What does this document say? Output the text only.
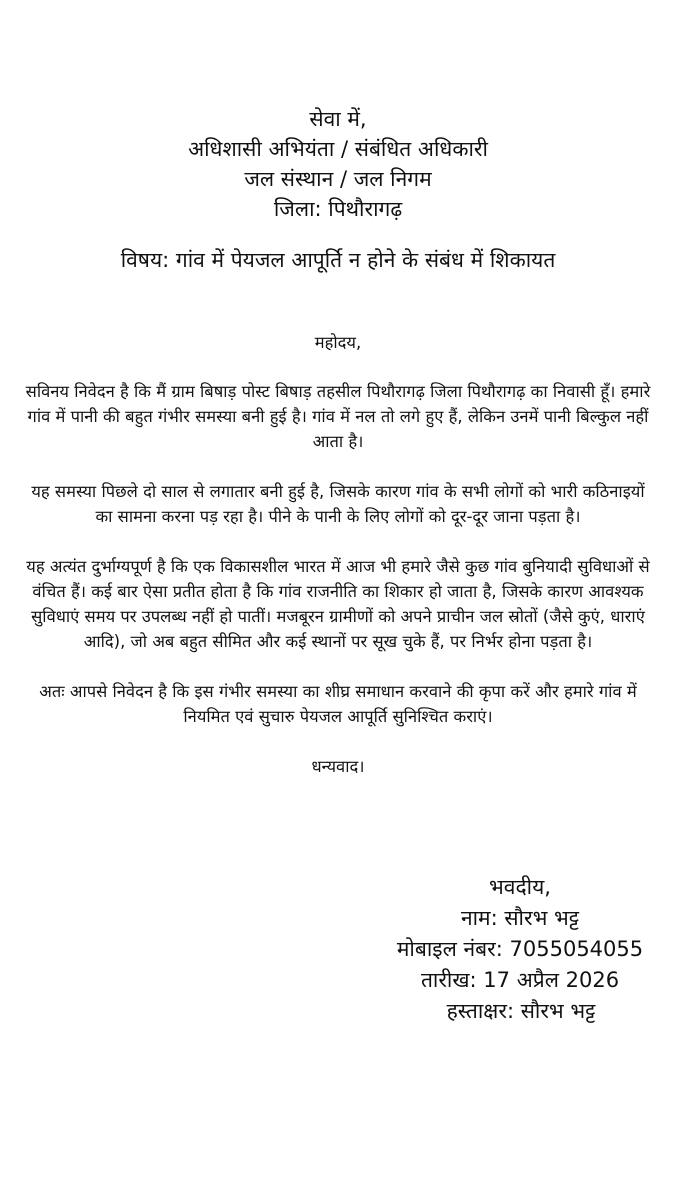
सेवा में,
अधिशासी अभियंता / संबंधित अधिकारी
जल संस्थान / जल निगम
जिला: पिथौरागढ़
विषय: गांव में पेयजल आपूर्ति न होने के संबंध में शिकायत

महोदय,

सविनय निवेदन है कि मैं ग्राम बिषाड़ पोस्ट बिषाड़ तहसील पिथौरागढ़ जिला पिथौरागढ़ का निवासी हूँ। हमारे गांव में पानी की बहुत गंभीर समस्या बनी हुई है। गांव में नल तो लगे हुए हैं, लेकिन उनमें पानी बिल्कुल नहीं आता है।

यह समस्या पिछले दो साल से लगातार बनी हुई है, जिसके कारण गांव के सभी लोगों को भारी कठिनाइयों का सामना करना पड़ रहा है। पीने के पानी के लिए लोगों को दूर-दूर जाना पड़ता है।

यह अत्यंत दुर्भाग्यपूर्ण है कि एक विकासशील भारत में आज भी हमारे जैसे कुछ गांव बुनियादी सुविधाओं से वंचित हैं। कई बार ऐसा प्रतीत होता है कि गांव राजनीति का शिकार हो जाता है, जिसके कारण आवश्यक सुविधाएं समय पर उपलब्ध नहीं हो पातीं। मजबूरन ग्रामीणों को अपने प्राचीन जल स्रोतों (जैसे कुएं, धाराएं आदि), जो अब बहुत सीमित और कई स्थानों पर सूख चुके हैं, पर निर्भर होना पड़ता है।

अतः आपसे निवेदन है कि इस गंभीर समस्या का शीघ्र समाधान करवाने की कृपा करें और हमारे गांव में नियमित एवं सुचारु पेयजल आपूर्ति सुनिश्चित कराएं।

धन्यवाद।

भवदीय,
नाम: सौरभ भट्ट
मोबाइल नंबर: 7055054055
तारीख: 17 अप्रैल 2026
हस्ताक्षर: सौरभ भट्ट
